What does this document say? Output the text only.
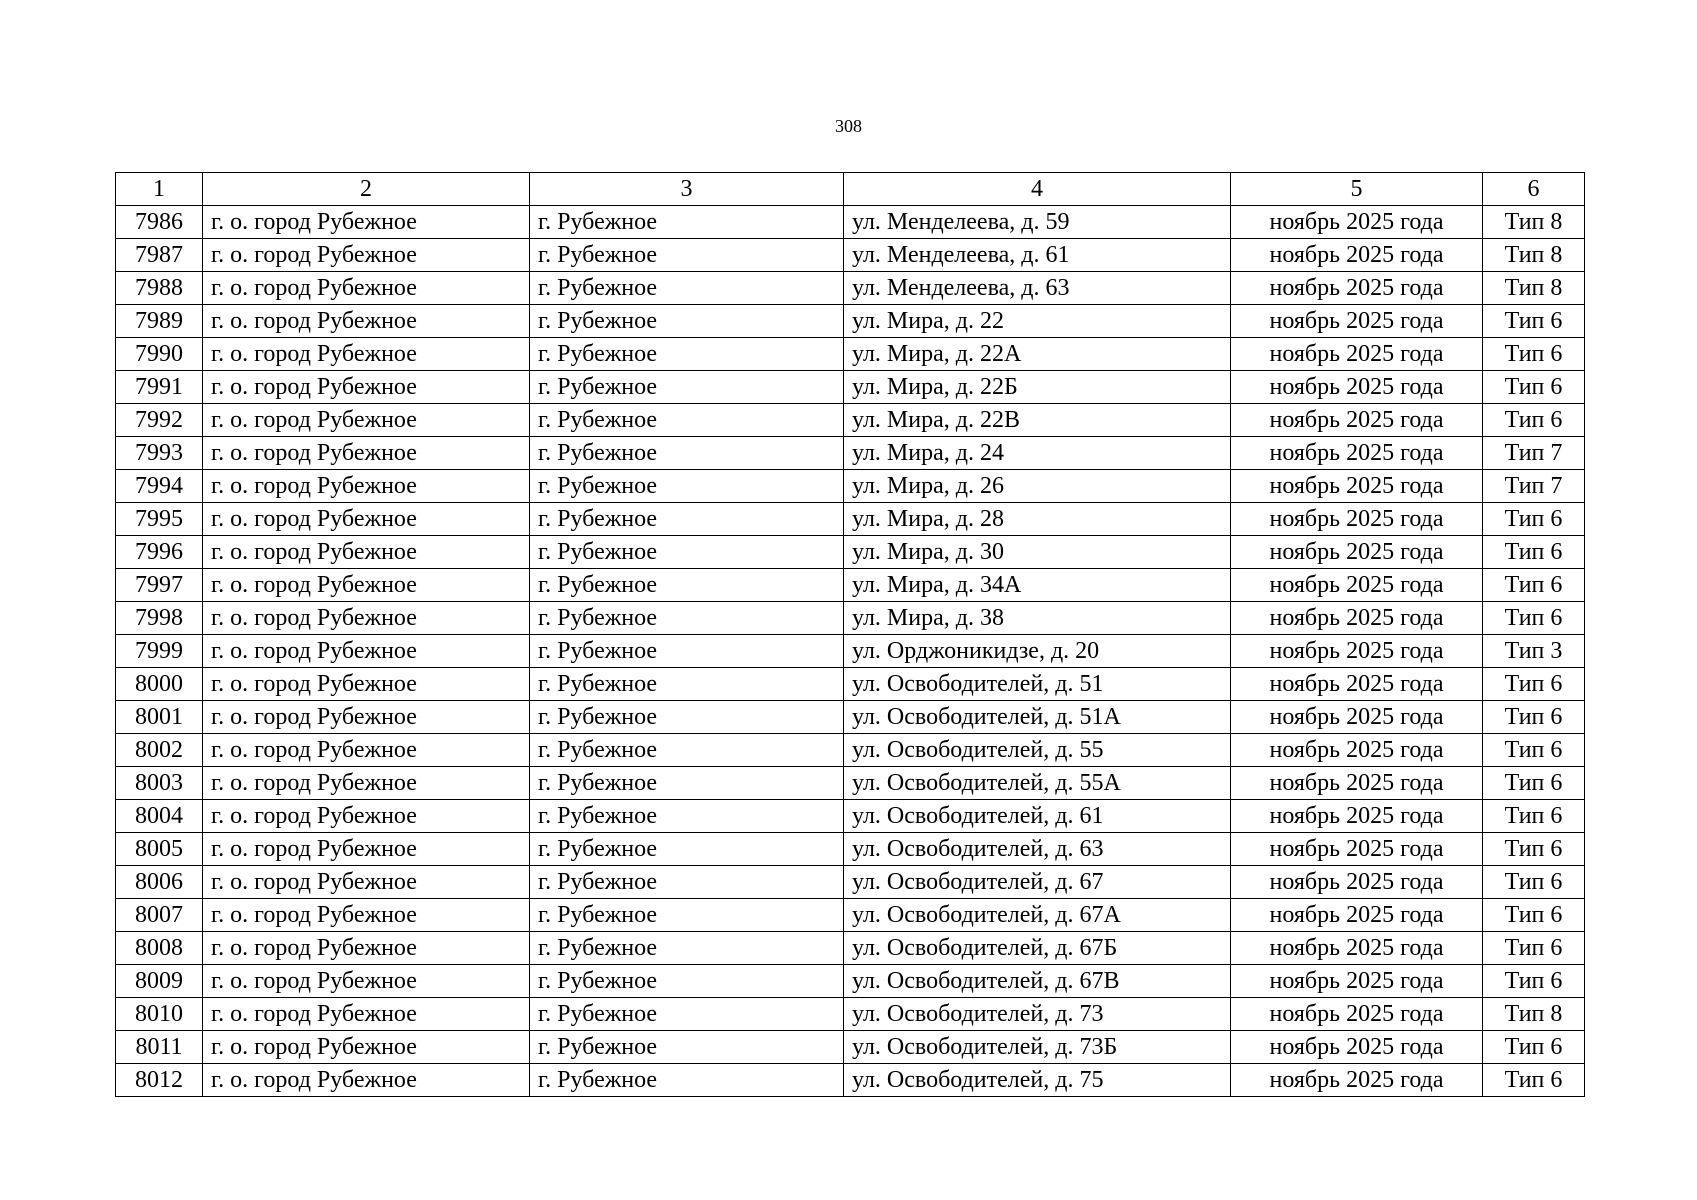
308
1	2	3	4	5	6
7986	г. о. город Рубежное	г. Рубежное	ул. Менделеева, д. 59	ноябрь 2025 года	Тип 8
7987	г. о. город Рубежное	г. Рубежное	ул. Менделеева, д. 61	ноябрь 2025 года	Тип 8
7988	г. о. город Рубежное	г. Рубежное	ул. Менделеева, д. 63	ноябрь 2025 года	Тип 8
7989	г. о. город Рубежное	г. Рубежное	ул. Мира, д. 22	ноябрь 2025 года	Тип 6
7990	г. о. город Рубежное	г. Рубежное	ул. Мира, д. 22А	ноябрь 2025 года	Тип 6
7991	г. о. город Рубежное	г. Рубежное	ул. Мира, д. 22Б	ноябрь 2025 года	Тип 6
7992	г. о. город Рубежное	г. Рубежное	ул. Мира, д. 22В	ноябрь 2025 года	Тип 6
7993	г. о. город Рубежное	г. Рубежное	ул. Мира, д. 24	ноябрь 2025 года	Тип 7
7994	г. о. город Рубежное	г. Рубежное	ул. Мира, д. 26	ноябрь 2025 года	Тип 7
7995	г. о. город Рубежное	г. Рубежное	ул. Мира, д. 28	ноябрь 2025 года	Тип 6
7996	г. о. город Рубежное	г. Рубежное	ул. Мира, д. 30	ноябрь 2025 года	Тип 6
7997	г. о. город Рубежное	г. Рубежное	ул. Мира, д. 34А	ноябрь 2025 года	Тип 6
7998	г. о. город Рубежное	г. Рубежное	ул. Мира, д. 38	ноябрь 2025 года	Тип 6
7999	г. о. город Рубежное	г. Рубежное	ул. Орджоникидзе, д. 20	ноябрь 2025 года	Тип 3
8000	г. о. город Рубежное	г. Рубежное	ул. Освободителей, д. 51	ноябрь 2025 года	Тип 6
8001	г. о. город Рубежное	г. Рубежное	ул. Освободителей, д. 51А	ноябрь 2025 года	Тип 6
8002	г. о. город Рубежное	г. Рубежное	ул. Освободителей, д. 55	ноябрь 2025 года	Тип 6
8003	г. о. город Рубежное	г. Рубежное	ул. Освободителей, д. 55А	ноябрь 2025 года	Тип 6
8004	г. о. город Рубежное	г. Рубежное	ул. Освободителей, д. 61	ноябрь 2025 года	Тип 6
8005	г. о. город Рубежное	г. Рубежное	ул. Освободителей, д. 63	ноябрь 2025 года	Тип 6
8006	г. о. город Рубежное	г. Рубежное	ул. Освободителей, д. 67	ноябрь 2025 года	Тип 6
8007	г. о. город Рубежное	г. Рубежное	ул. Освободителей, д. 67А	ноябрь 2025 года	Тип 6
8008	г. о. город Рубежное	г. Рубежное	ул. Освободителей, д. 67Б	ноябрь 2025 года	Тип 6
8009	г. о. город Рубежное	г. Рубежное	ул. Освободителей, д. 67В	ноябрь 2025 года	Тип 6
8010	г. о. город Рубежное	г. Рубежное	ул. Освободителей, д. 73	ноябрь 2025 года	Тип 8
8011	г. о. город Рубежное	г. Рубежное	ул. Освободителей, д. 73Б	ноябрь 2025 года	Тип 6
8012	г. о. город Рубежное	г. Рубежное	ул. Освободителей, д. 75	ноябрь 2025 года	Тип 6
